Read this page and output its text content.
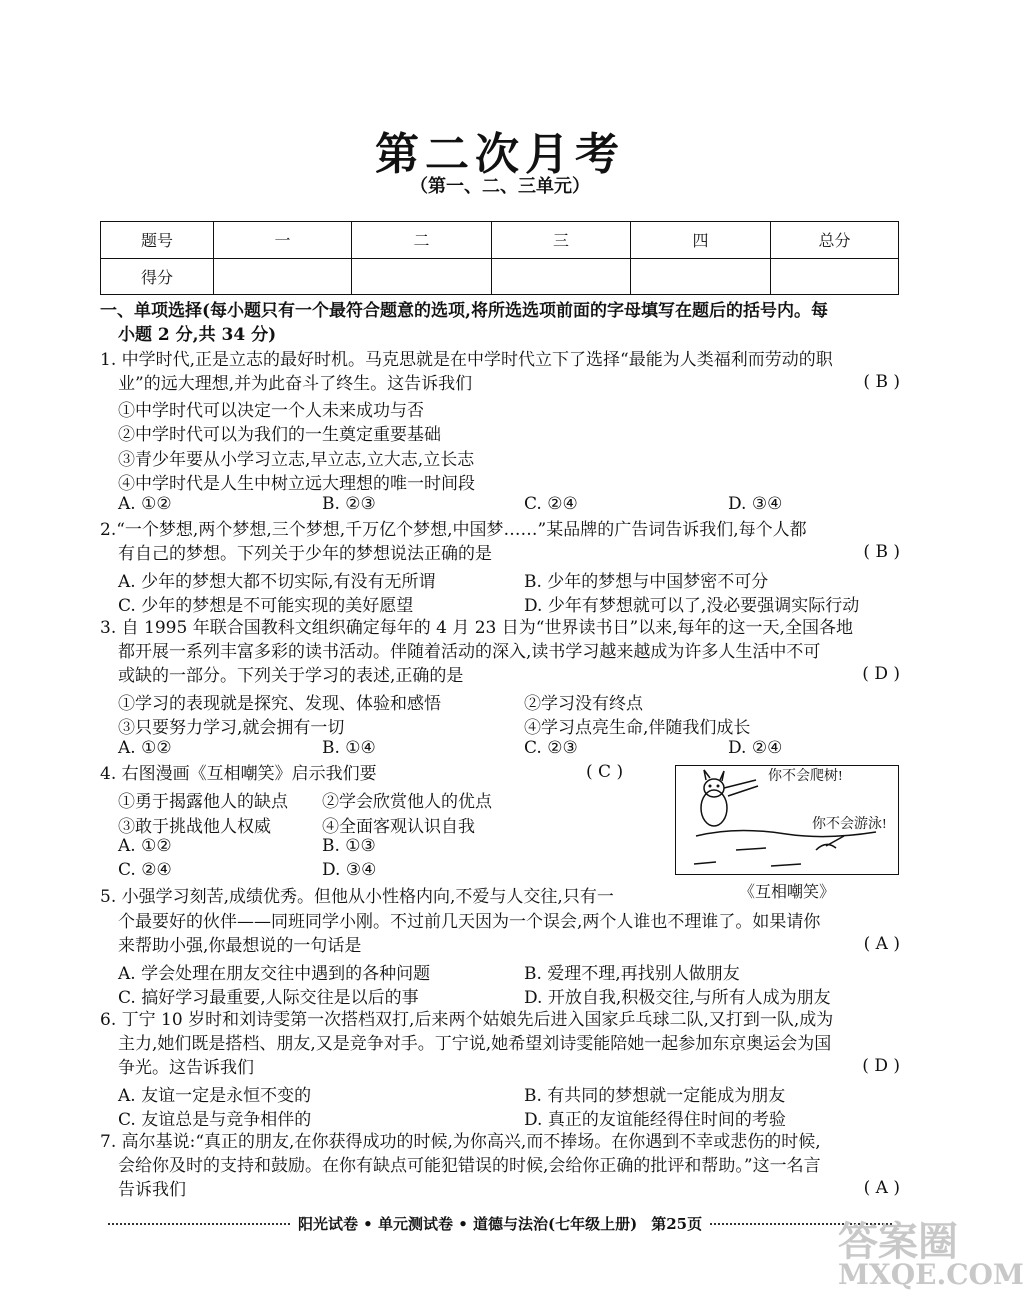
第二次月考
（第一、二、三单元）
题号	一	二	三	四	总分
得分					
一、单项选择(每小题只有一个最符合题意的选项,将所选选项前面的字母填写在题后的括号内。每
小题 2 分,共 34 分)
1. 中学时代,正是立志的最好时机。马克思就是在中学时代立下了选择“最能为人类福利而劳动的职
业”的远大理想,并为此奋斗了终生。这告诉我们	( B )
①中学时代可以决定一个人未来成功与否
②中学时代可以为我们的一生奠定重要基础
③青少年要从小学习立志,早立志,立大志,立长志
④中学时代是人生中树立远大理想的唯一时间段
A. ①②	B. ②③	C. ②④	D. ③④
2.“一个梦想,两个梦想,三个梦想,千万亿个梦想,中国梦……”某品牌的广告词告诉我们,每个人都
有自己的梦想。下列关于少年的梦想说法正确的是	( B )
A. 少年的梦想大都不切实际,有没有无所谓	B. 少年的梦想与中国梦密不可分
C. 少年的梦想是不可能实现的美好愿望	D. 少年有梦想就可以了,没必要强调实际行动
3. 自 1995 年联合国教科文组织确定每年的 4 月 23 日为“世界读书日”以来,每年的这一天,全国各地
都开展一系列丰富多彩的读书活动。伴随着活动的深入,读书学习越来越成为许多人生活中不可
或缺的一部分。下列关于学习的表述,正确的是	( D )
①学习的表现就是探究、发现、体验和感悟	②学习没有终点
③只要努力学习,就会拥有一切	④学习点亮生命,伴随我们成长
A. ①②	B. ①④	C. ②③	D. ②④
4. 右图漫画《互相嘲笑》启示我们要	( C )
①勇于揭露他人的缺点 ②学会欣赏他人的优点
③敢于挑战他人权威	④全面客观认识自我
A. ①②	B. ①③
C. ②④	D. ③④
你不会爬树!
你不会游泳!
《互相嘲笑》
5. 小强学习刻苦,成绩优秀。但他从小性格内向,不爱与人交往,只有一
个最要好的伙伴——同班同学小刚。不过前几天因为一个误会,两个人谁也不理谁了。如果请你
来帮助小强,你最想说的一句话是	( A )
A. 学会处理在朋友交往中遇到的各种问题	B. 爱理不理,再找别人做朋友
C. 搞好学习最重要,人际交往是以后的事	D. 开放自我,积极交往,与所有人成为朋友
6. 丁宁 10 岁时和刘诗雯第一次搭档双打,后来两个姑娘先后进入国家乒乓球二队,又打到一队,成为
主力,她们既是搭档、朋友,又是竞争对手。丁宁说,她希望刘诗雯能陪她一起参加东京奥运会为国
争光。这告诉我们	( D )
A. 友谊一定是永恒不变的	B. 有共同的梦想就一定能成为朋友
C. 友谊总是与竞争相伴的	D. 真正的友谊能经得住时间的考验
7. 高尔基说:“真正的朋友,在你获得成功的时候,为你高兴,而不捧场。在你遇到不幸或悲伤的时候,
会给你及时的支持和鼓励。在你有缺点可能犯错误的时候,会给你正确的批评和帮助。”这一名言
告诉我们	( A )
阳光试卷 • 单元测试卷 • 道德与法治(七年级上册) 第25页	答案圈
MXQE.COM
